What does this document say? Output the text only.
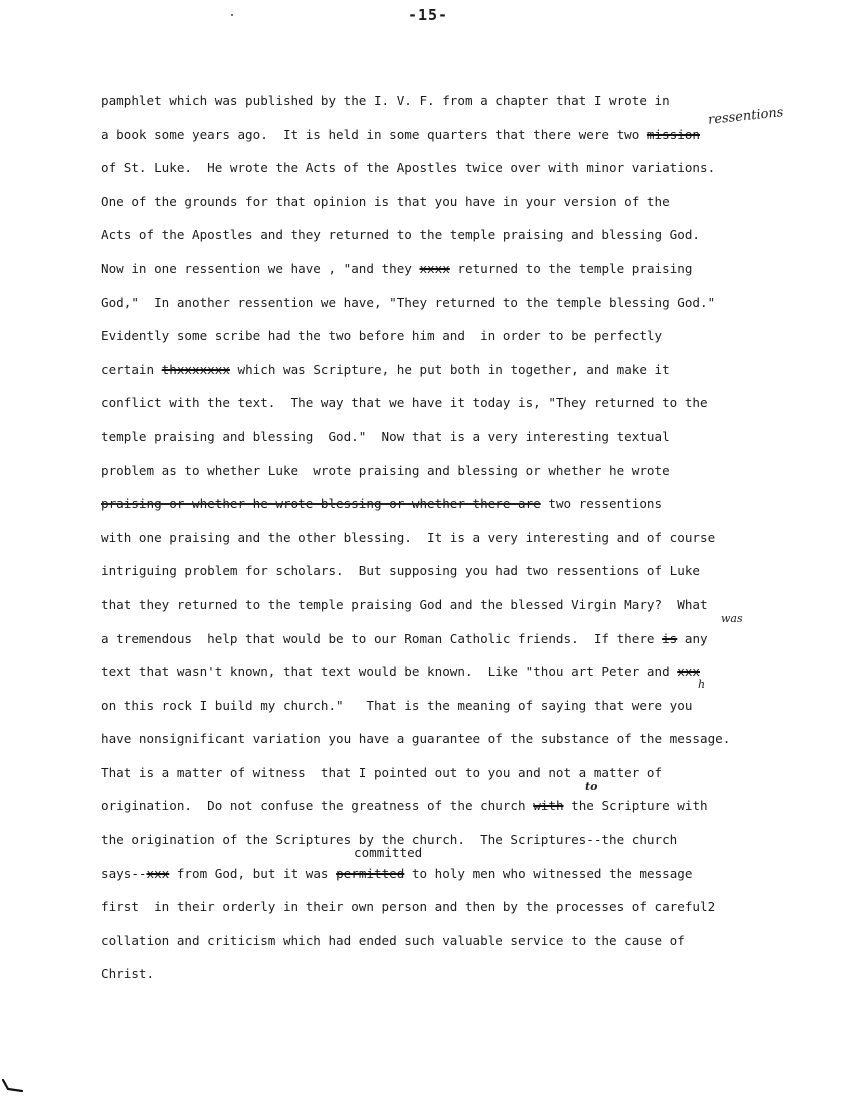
-15-
pamphlet which was published by the I. V. F. from a chapter that I wrote in
a book some years ago.  It is held in some quarters that there were two mission
ressentions
of St. Luke.  He wrote the Acts of the Apostles twice over with minor variations.
One of the grounds for that opinion is that you have in your version of the
Acts of the Apostles and they returned to the temple praising and blessing God.
Now in one ressention we have , "and they xxxx returned to the temple praising
God,"  In another ressention we have, "They returned to the temple blessing God."
Evidently some scribe had the two before him and  in order to be perfectly
certain thxxxxxxx which was Scripture, he put both in together, and make it
conflict with the text.  The way that we have it today is, "They returned to the
temple praising and blessing  God."  Now that is a very interesting textual
problem as to whether Luke  wrote praising and blessing or whether he wrote
praising or whether he wrote blessing or whether there are two ressentions
with one praising and the other blessing.  It is a very interesting and of course
intriguing problem for scholars.  But supposing you had two ressentions of Luke
that they returned to the temple praising God and the blessed Virgin Mary?  What
a tremendous  help that would be to our Roman Catholic friends.  If there is any
was
text that wasn't known, that text would be known.  Like "thou art Peter and xxx
on this rock I build my church."   That is the meaning of saying that were you
h
have nonsignificant variation you have a guarantee of the substance of the message.
That is a matter of witness  that I pointed out to you and not a matter of
origination.  Do not confuse the greatness of the church with the Scripture with
to
the origination of the Scriptures by the church.  The Scriptures--the church
says--xxx from God, but it was permitted to holy men who witnessed the message
committed
first  in their orderly in their own person and then by the processes of careful2
collation and criticism which had ended such valuable service to the cause of
Christ.
